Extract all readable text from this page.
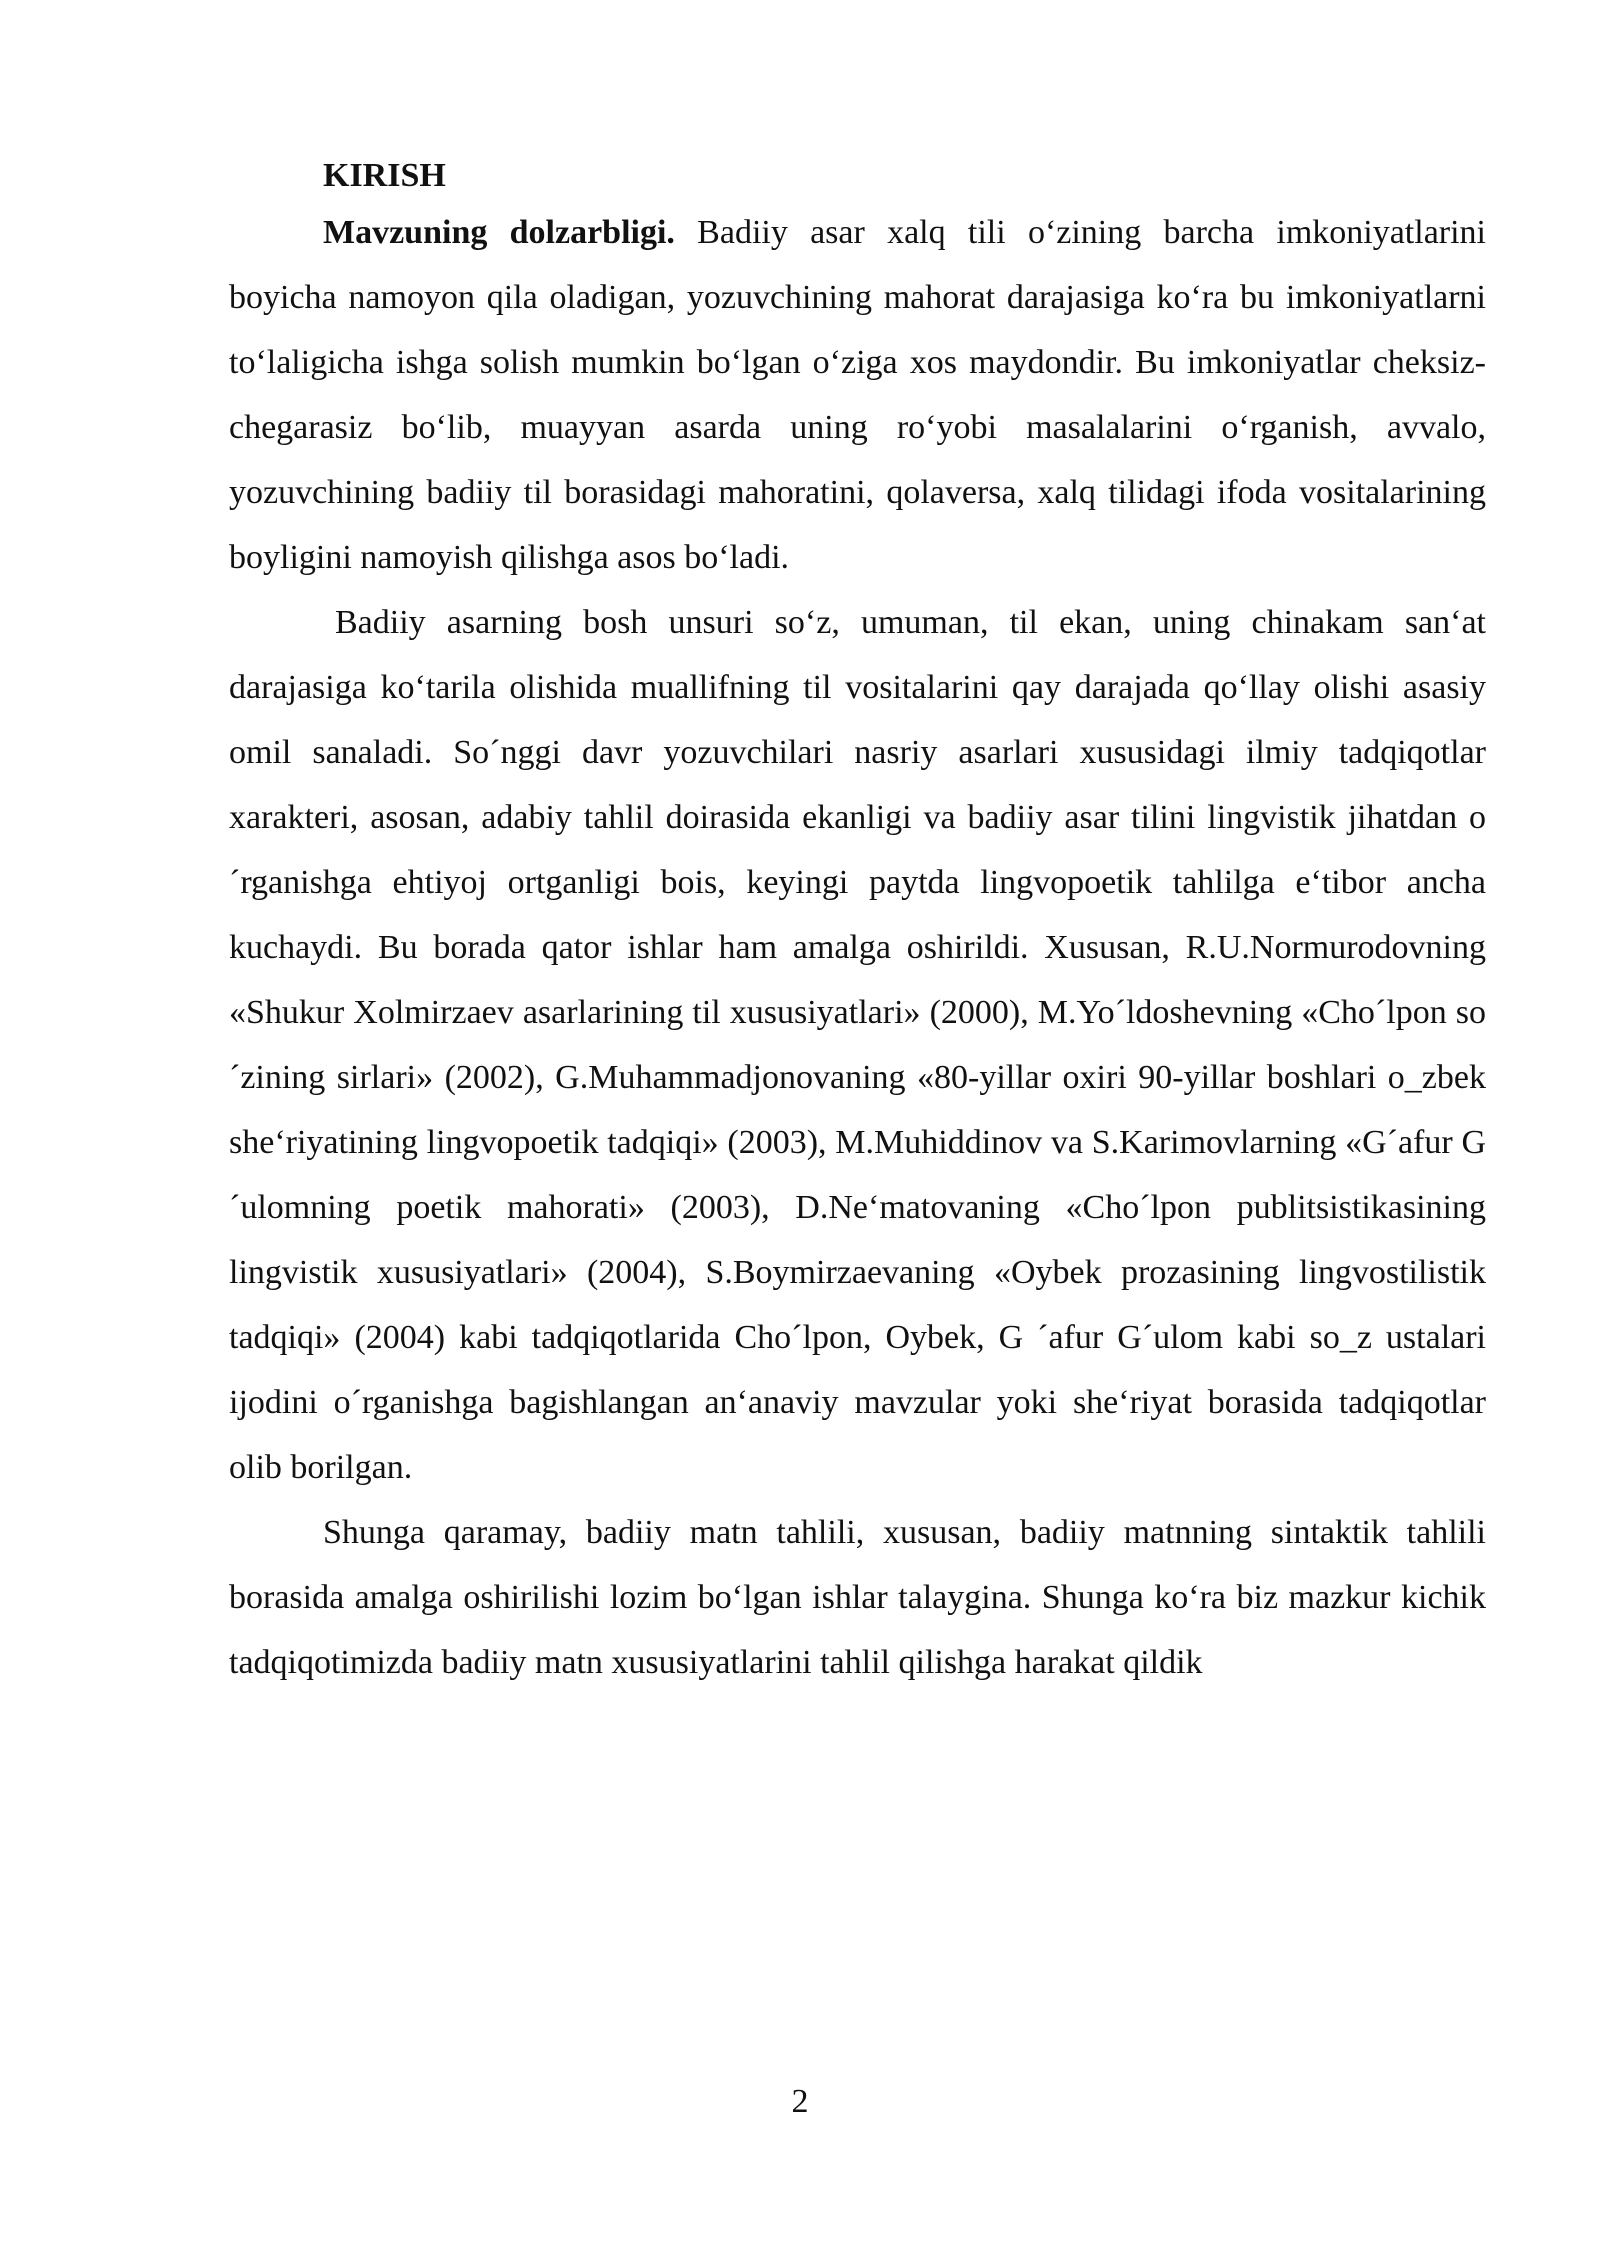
KIRISH

Mavzuning dolzarbligi. Badiiy asar xalq tili o‘zining barcha imkoniyatlarini boyicha namoyon qila oladigan, yozuvchining mahorat darajasiga ko‘ra bu imkoniyatlarni to‘laligicha ishga solish mumkin bo‘lgan o‘ziga xos maydondir. Bu imkoniyatlar cheksiz-chegarasiz bo‘lib, muayyan asarda uning ro‘yobi masalalarini o‘rganish, avvalo, yozuvchining badiiy til borasidagi mahoratini, qolaversa, xalq tilidagi ifoda vositalarining boyligini namoyish qilishga asos bo‘ladi.

Badiiy asarning bosh unsuri so‘z, umuman, til ekan, uning chinakam san‘at darajasiga ko‘tarila olishida muallifning til vositalarini qay darajada qo‘llay olishi asasiy omil sanaladi. So´nggi davr yozuvchilari nasriy asarlari xususidagi ilmiy tadqiqotlar xarakteri, asosan, adabiy tahlil doirasida ekanligi va badiiy asar tilini lingvistik jihatdan o´rganishga ehtiyoj ortganligi bois, keyingi paytda lingvopoetik tahlilga e‘tibor ancha kuchaydi. Bu borada qator ishlar ham amalga oshirildi. Xususan, R.U.Normurodovning «Shukur Xolmirzaev asarlarining til xususiyatlari» (2000), M.Yo´ldoshevning «Cho´lpon so´zining sirlari» (2002), G.Muhammadjonovaning «80-yillar oxiri 90-yillar boshlari o_zbek she‘riyatining lingvopoetik tadqiqi» (2003), M.Muhiddinov va S.Karimovlarning «G´afur G ´ulomning poetik mahorati» (2003), D.Ne‘matovaning «Cho´lpon publitsistikasining lingvistik xususiyatlari» (2004), S.Boymirzaevaning «Oybek prozasining lingvostilistik tadqiqi» (2004) kabi tadqiqotlarida Cho´lpon, Oybek, G ´afur G´ulom kabi so_z ustalari ijodini o´rganishga bagishlangan an‘anaviy mavzular yoki she‘riyat borasida tadqiqotlar olib borilgan.

Shunga qaramay, badiiy matn tahlili, xususan, badiiy matnning sintaktik tahlili borasida amalga oshirilishi lozim bo‘lgan ishlar talaygina. Shunga ko‘ra biz mazkur kichik tadqiqotimizda badiiy matn xususiyatlarini tahlil qilishga harakat qildik

2
